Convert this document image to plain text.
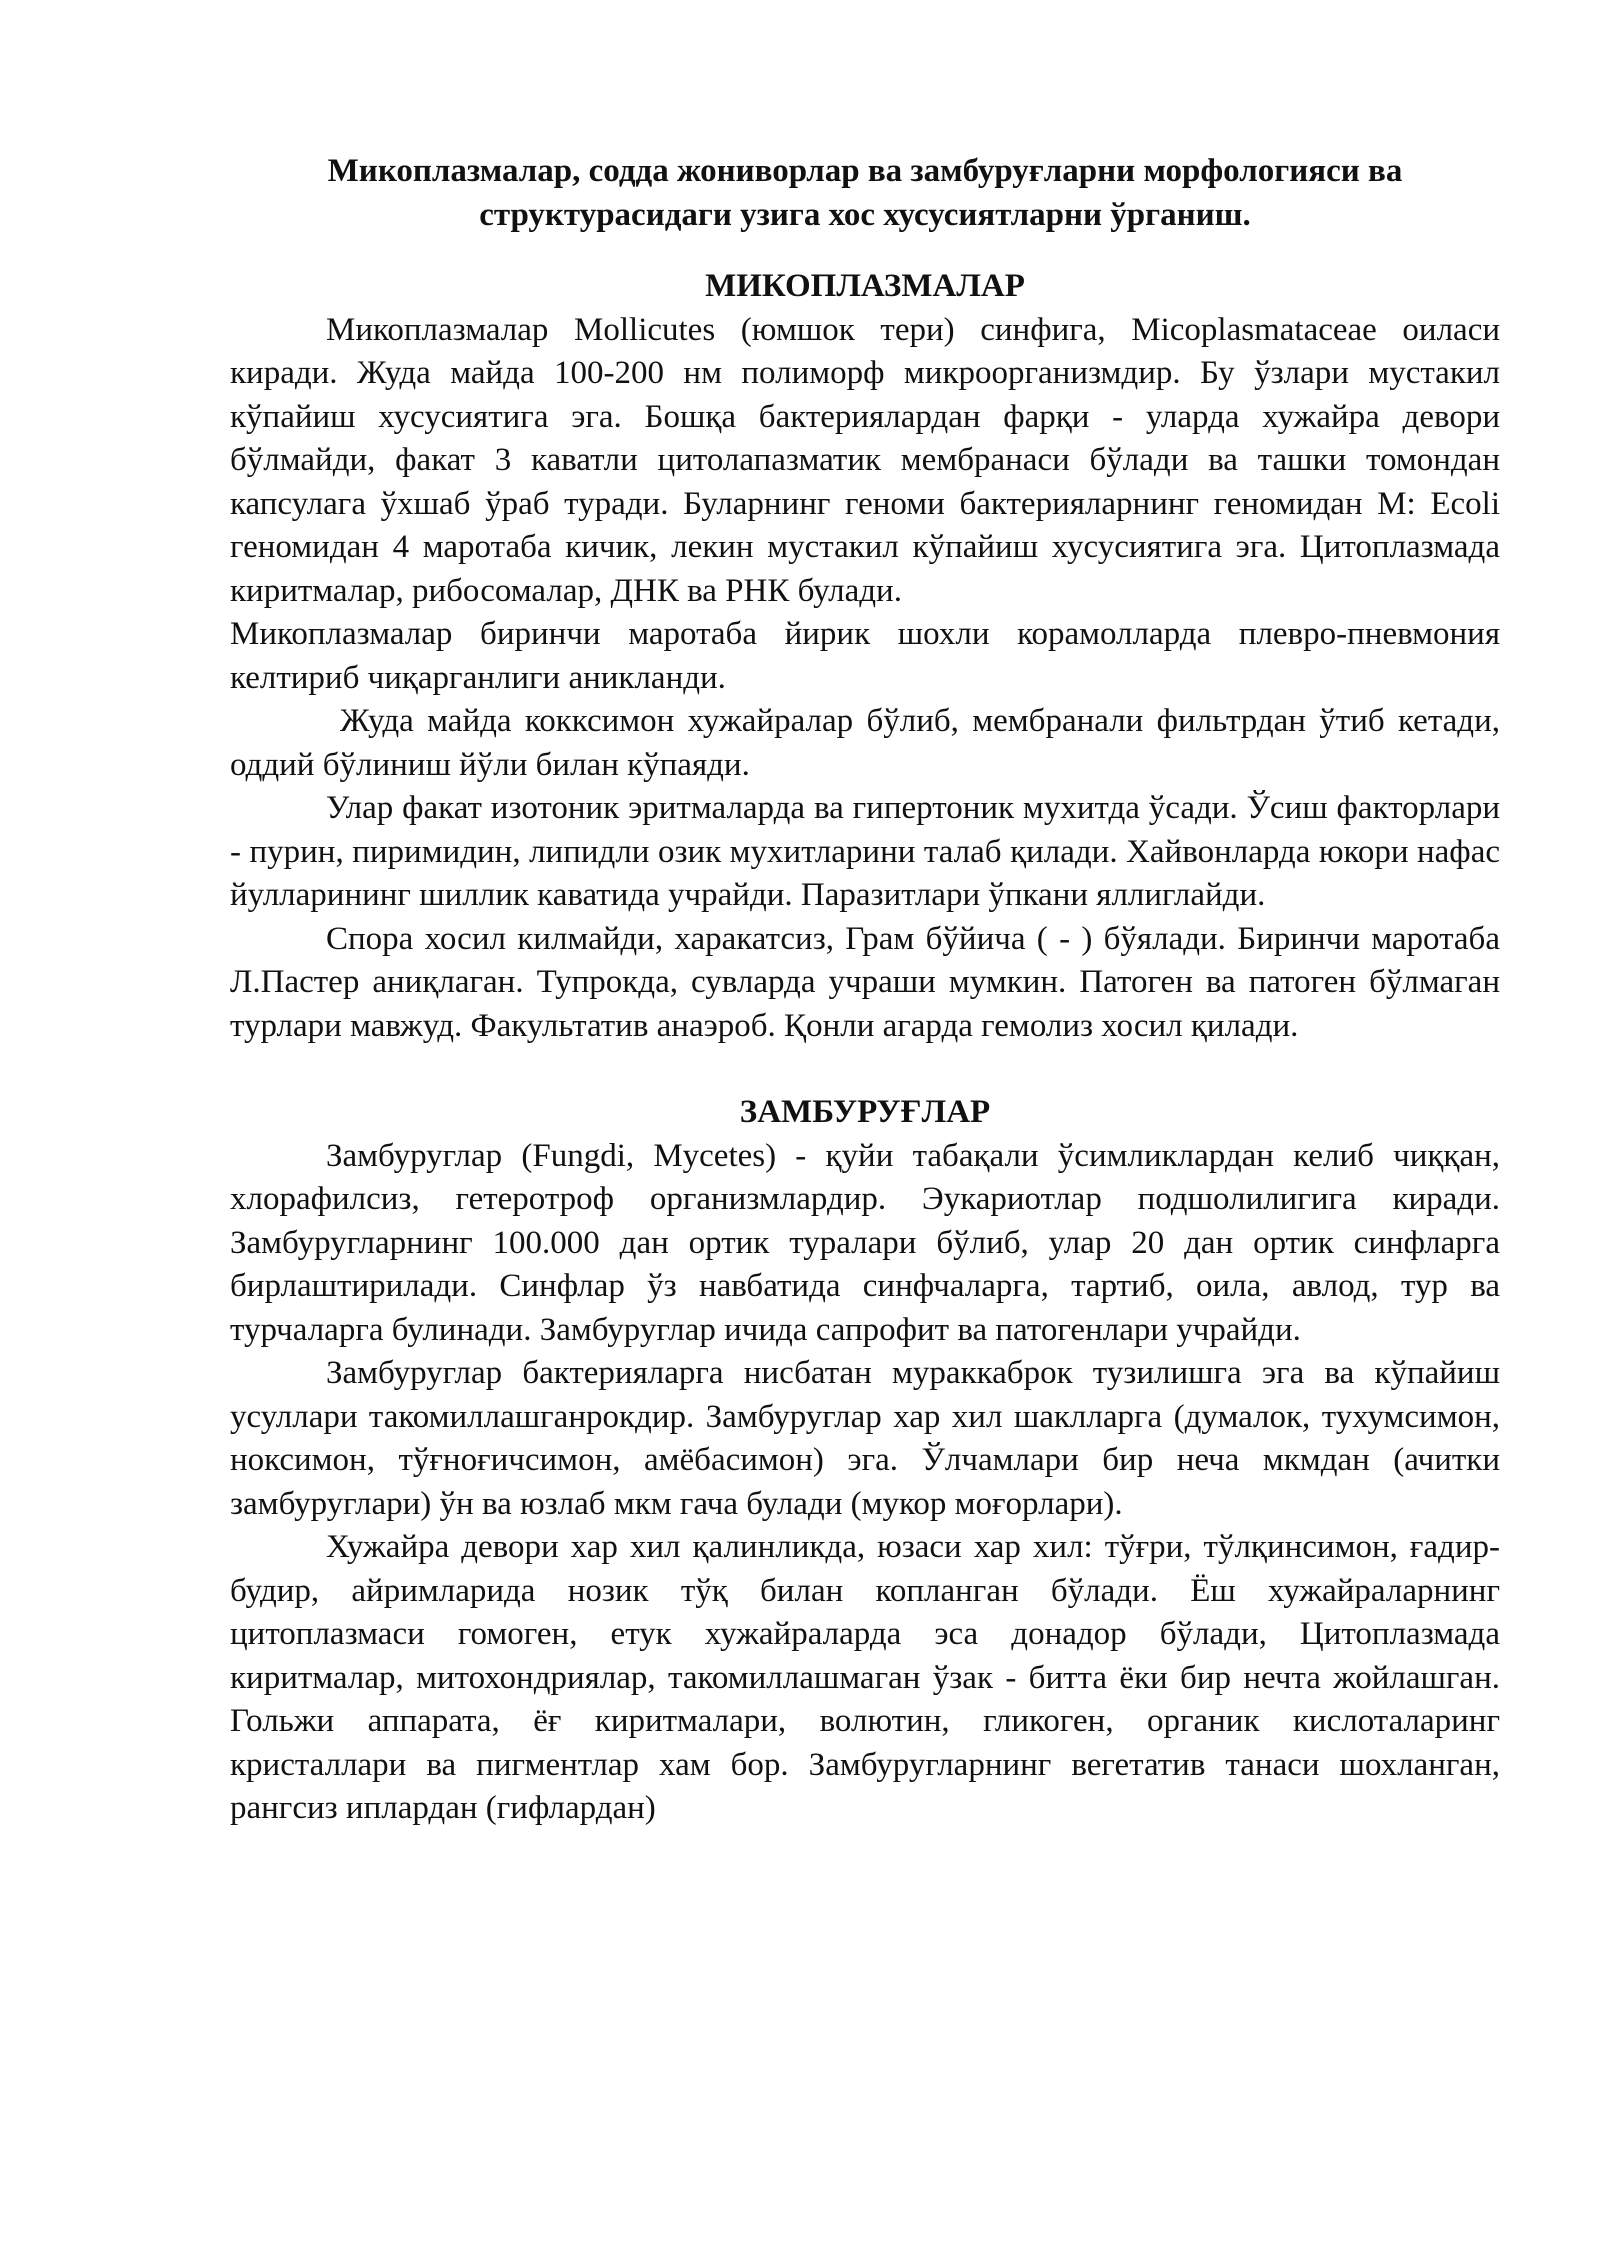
Микоплазмалар, содда жониворлар ва замбуруғларни морфологияси ва структурасидаги узига хос хусусиятларни ўрганиш.

МИКОПЛАЗМАЛАР

Микоплазмалар Mollicutes (юмшок тери) синфига, Micoplasmataceae оиласи киради. Жуда майда 100-200 нм полиморф микроорганизмдир. Бу ўзлари мустакил кўпайиш хусусиятига эга. Бошқа бактериялардан фарқи - уларда хужайра девори бўлмайди, факат 3 каватли цитолапазматик мембранаси бўлади ва ташки томондан капсулага ўхшаб ўраб туради. Буларнинг геноми бактерияларнинг геномидан М: Ecoli геномидан 4 маротаба кичик, лекин мустакил кўпайиш хусусиятига эга. Цитоплазмада киритмалар, рибосомалар, ДНК ва РНК булади.

Микоплазмалар биринчи маротаба йирик шохли корамолларда плевро-пневмония келтириб чиқарганлиги аникланди.

Жуда майда кокксимон хужайралар бўлиб, мембранали фильтрдан ўтиб кетади, оддий бўлиниш йўли билан кўпаяди.

Улар факат изотоник эритмаларда ва гипертоник мухитда ўсади. Ўсиш факторлари - пурин, пиримидин, липидли озик мухитларини талаб қилади. Хайвонларда юкори нафас йулларининг шиллик каватида учрайди. Паразитлари ўпкани яллиглайди.

Спора хосил килмайди, харакатсиз, Грам бўйича ( - ) бўялади. Биринчи маротаба Л.Пастер аниқлаган. Тупрокда, сувларда учраши мумкин. Патоген ва патоген бўлмаган турлари мавжуд. Факультатив анаэроб. Қонли агарда гемолиз хосил қилади.

ЗАМБУРУҒЛАР

Замбуруглар (Fungdi, Mycetes) - қуйи табақали ўсимликлардан келиб чиққан, хлорафилсиз, гетеротроф организмлардир. Эукариотлар подшолилигига киради. Замбуругларнинг 100.000 дан ортик туралари бўлиб, улар 20 дан ортик синфларга бирлаштирилади. Синфлар ўз навбатида синфчаларга, тартиб, оила, авлод, тур ва турчаларга булинади. Замбуруглар ичида сапрофит ва патогенлари учрайди.

Замбуруглар бактерияларга нисбатан мураккаброк тузилишга эга ва кўпайиш усуллари такомиллашганрокдир. Замбуруглар хар хил шаклларга (думалок, тухумсимон, ноксимон, тўғноғичсимон, амёбасимон) эга. Ўлчамлари бир неча мкмдан (ачитки замбуруглари) ўн ва юзлаб мкм гача булади (мукор моғорлари).

Хужайра девори хар хил қалинликда, юзаси хар хил: тўғри, тўлқинсимон, ғадир-будир, айримларида нозик тўқ билан копланган бўлади. Ёш хужайраларнинг цитоплазмаси гомоген, етук хужайраларда эса донадор бўлади, Цитоплазмада киритмалар, митохондриялар, такомиллашмаган ўзак - битта ёки бир нечта жойлашган. Гольжи аппарата, ёғ киритмалари, волютин, гликоген, органик кислоталаринг кристаллари ва пигментлар хам бор. Замбуругларнинг вегетатив танаси шохланган, рангсиз иплардан (гифлардан)
